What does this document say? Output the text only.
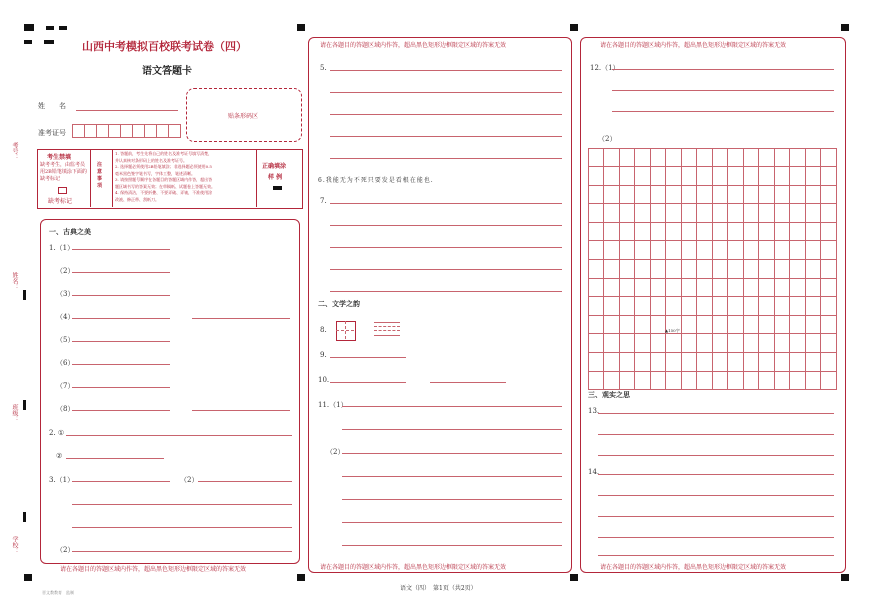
考号：
姓名：
班级：
学校：
山西中考模拟百校联考试卷（四）
语文答题卡
姓　　名
准考证号
贴条形码区
考生禁填
缺考考生，由监考员用2B铅笔填涂下面的缺考标记
缺考标记
注意事项
1. 答题前，考生先将自己的姓名及准考证号填写清楚，
并认真核对条形码上的姓名及准考证号。
2. 选择题必须使用2B铅笔填涂；非选择题必须使用0.5
毫米黑色签字笔书写，字体工整，笔迹清晰。
3. 请按照题号顺序在各题目的答题区域内作答，超出答
题区域书写的答案无效；在草稿纸、试题卷上答题无效。
4. 保持清洁，不要折叠、不要弄破、弄皱，不准使用涂
改液、修正带、刮纸刀。
正确填涂
样 例
一、古典之美
1.（1）
（2）
（3）
（4）
（5）
（6）
（7）
（8）
2. ①
②
3.（1）	（2）
（2）
请在各题目的答题区域内作答，超出黑色矩形边框限定区域的答案无效
请在各题目的答题区域内作答，超出黑色矩形边框限定区域的答案无效
请在各题目的答题区域内作答，超出黑色矩形边框限定区域的答案无效
5.
6.我能无为不死只要发是看根在能也.
7.
二、文学之韵
8.
9.
10.
11.（1）
（2）
请在各题目的答题区域内作答，超出黑色矩形边框限定区域的答案无效
请在各题目的答题区域内作答，超出黑色矩形边框限定区域的答案无效
12.（1）
（2）
▲150字
三、观实之思
13.
14.
语文（四）　第1页（共2页）
晋文教教育　监制
